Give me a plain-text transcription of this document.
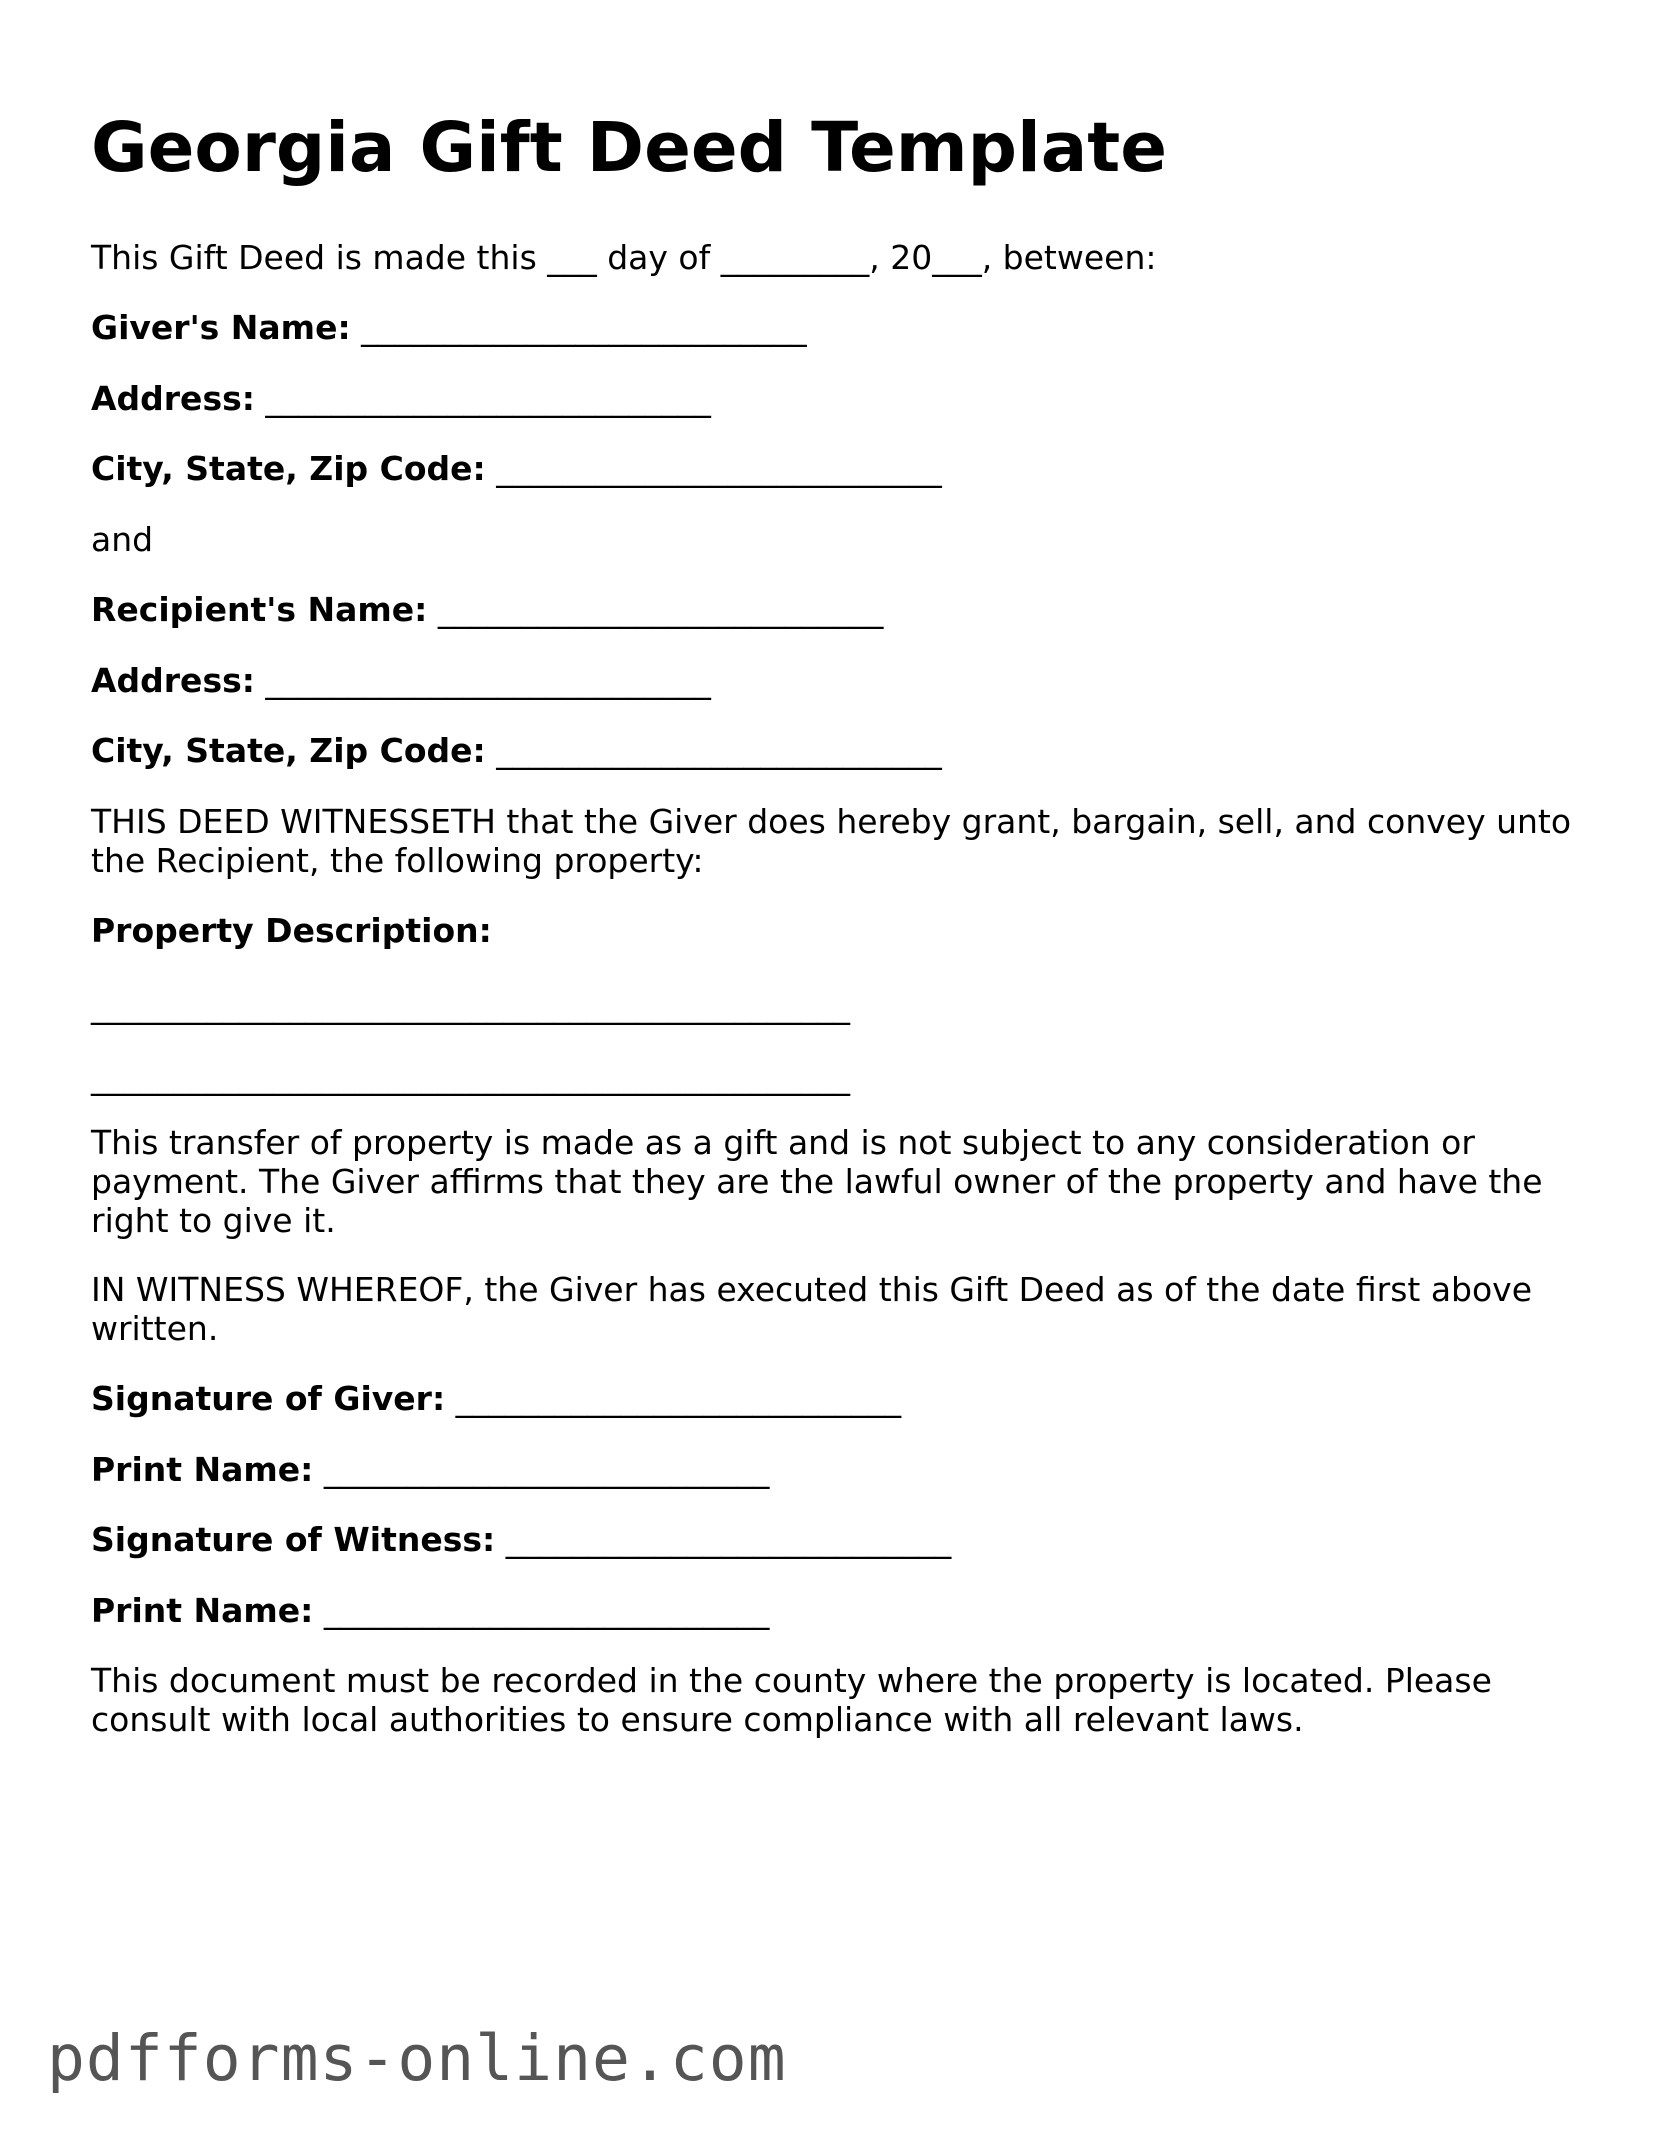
Georgia Gift Deed Template

This Gift Deed is made this ___ day of _________, 20___, between:

Giver's Name: ___________________________

Address: ___________________________

City, State, Zip Code: ___________________________

and

Recipient's Name: ___________________________

Address: ___________________________

City, State, Zip Code: ___________________________

THIS DEED WITNESSETH that the Giver does hereby grant, bargain, sell, and convey unto the Recipient, the following property:

Property Description:

______________________________________________

______________________________________________

This transfer of property is made as a gift and is not subject to any consideration or payment. The Giver affirms that they are the lawful owner of the property and have the right to give it.

IN WITNESS WHEREOF, the Giver has executed this Gift Deed as of the date first above written.

Signature of Giver: ___________________________

Print Name: ___________________________

Signature of Witness: ___________________________

Print Name: ___________________________

This document must be recorded in the county where the property is located. Please consult with local authorities to ensure compliance with all relevant laws.

pdfforms-online.com
